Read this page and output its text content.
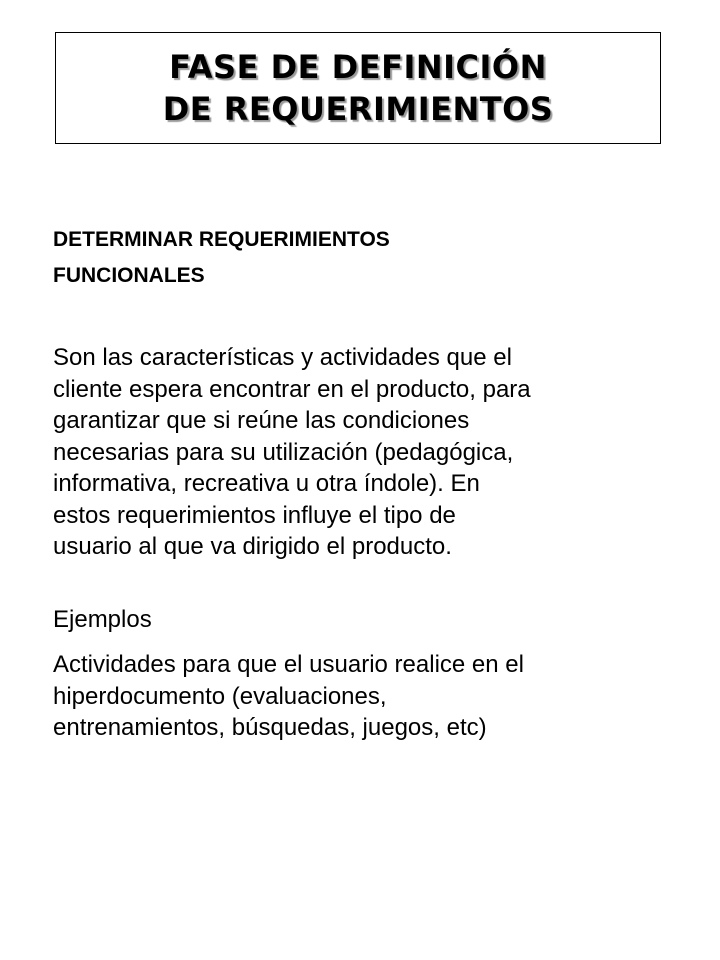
FASE DE DEFINICIÓN
DE REQUERIMIENTOS

DETERMINAR REQUERIMIENTOS

FUNCIONALES

Son las características y actividades que el

cliente espera encontrar en el producto, para

garantizar que si reúne las condiciones

necesarias para su utilización (pedagógica,

informativa, recreativa u otra índole). En

estos requerimientos influye el tipo de

usuario al que va dirigido el producto.

Ejemplos

Actividades para que el usuario realice en el

hiperdocumento (evaluaciones,

entrenamientos, búsquedas, juegos, etc)
